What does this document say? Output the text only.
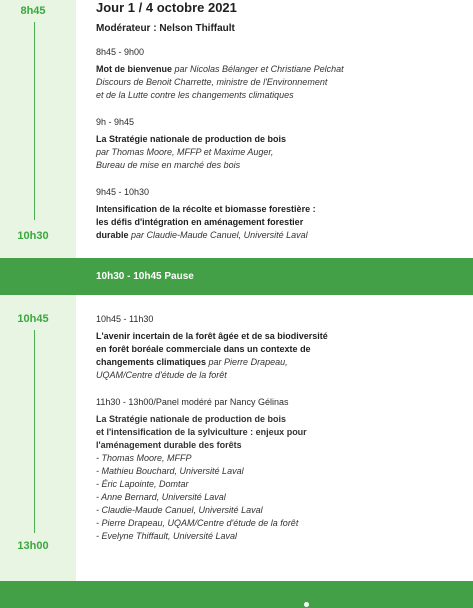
8h45
10h30
10h45
13h00
Jour 1 / 4 octobre 2021
Modérateur : Nelson Thiffault
8h45 - 9h00
Mot de bienvenue par Nicolas Bélanger et Christiane Pelchat
Discours de Benoit Charrette, ministre de l'Environnement
et de la Lutte contre les changements climatiques
9h - 9h45
La Stratégie nationale de production de bois
par Thomas Moore, MFFP et Maxime Auger,
Bureau de mise en marché des bois
9h45 - 10h30
Intensification de la récolte et biomasse forestière :
les défis d'intégration en aménagement forestier
durable par Claudie-Maude Canuel, Université Laval
10h30 - 10h45 Pause
10h45 - 11h30
L'avenir incertain de la forêt âgée et de sa biodiversité
en forêt boréale commerciale dans un contexte de
changements climatiques par Pierre Drapeau,
UQAM/Centre d'étude de la forêt
11h30 - 13h00/Panel modéré par Nancy Gélinas
La Stratégie nationale de production de bois
et l'intensification de la sylviculture : enjeux pour
l'aménagement durable des forêts
- Thomas Moore, MFFP
- Mathieu Bouchard, Université Laval
- Éric Lapointe, Domtar
- Anne Bernard, Université Laval
- Claudie-Maude Canuel, Université Laval
- Pierre Drapeau, UQAM/Centre d'étude de la forêt
- Evelyne Thiffault, Université Laval
